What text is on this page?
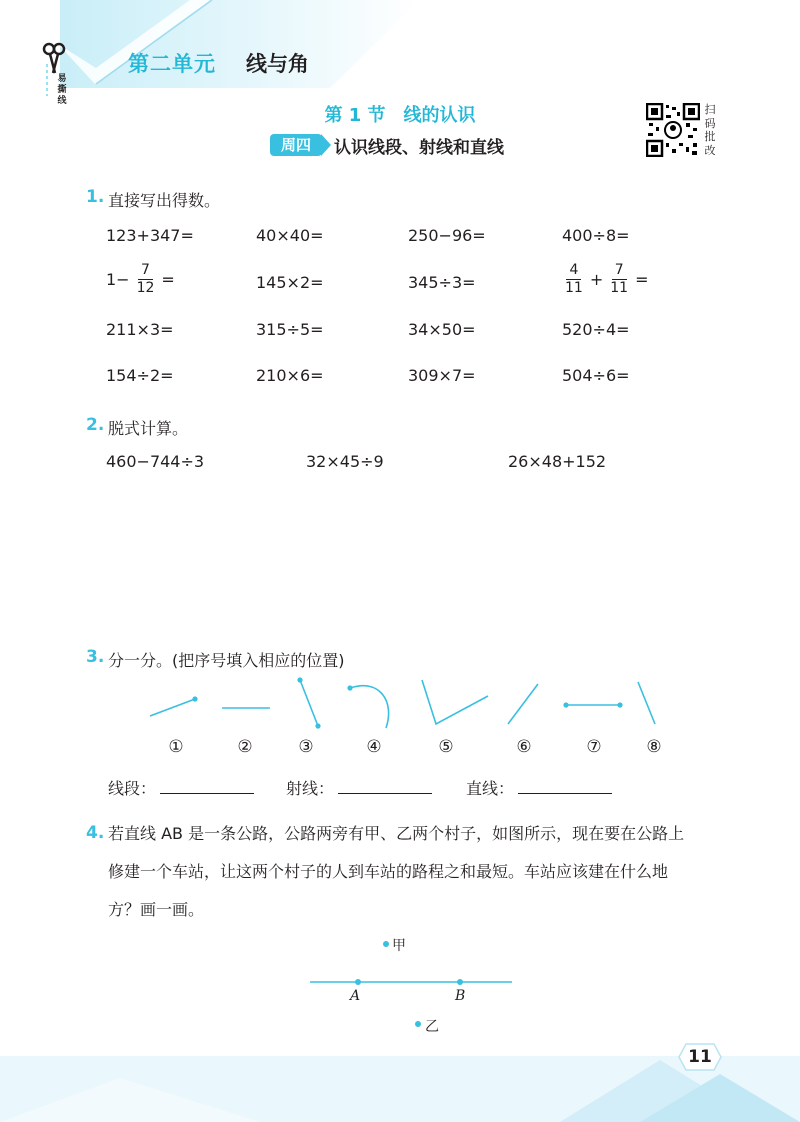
易撕线
第二单元 线与角
第 1 节　线的认识
周四	认识线段、射线和直线
扫码批改
1. 直接写出得数。
123+347=	40×40=	250−96=	400÷8=
$1- \frac{7}{12}$ =	145×2=	345÷3=	$\frac{4}{11} + \frac{7}{11}$ =
211×3=	315÷5=	34×50=	520÷4=
154÷2=	210×6=	309×7=	504÷6=
2. 脱式计算。
460−744÷3	32×45÷9	26×48+152
3. 分一分。(把序号填入相应的位置)
①	②	③	④	⑤	⑥	⑦	⑧
线段：	射线：	直线：
4. 若直线 AB 是一条公路，公路两旁有甲、乙两个村子，如图所示，现在要在公路上
修建一个车站，让这两个村子的人到车站的路程之和最短。车站应该建在什么地
方？画一画。
甲
A	B
乙
11
